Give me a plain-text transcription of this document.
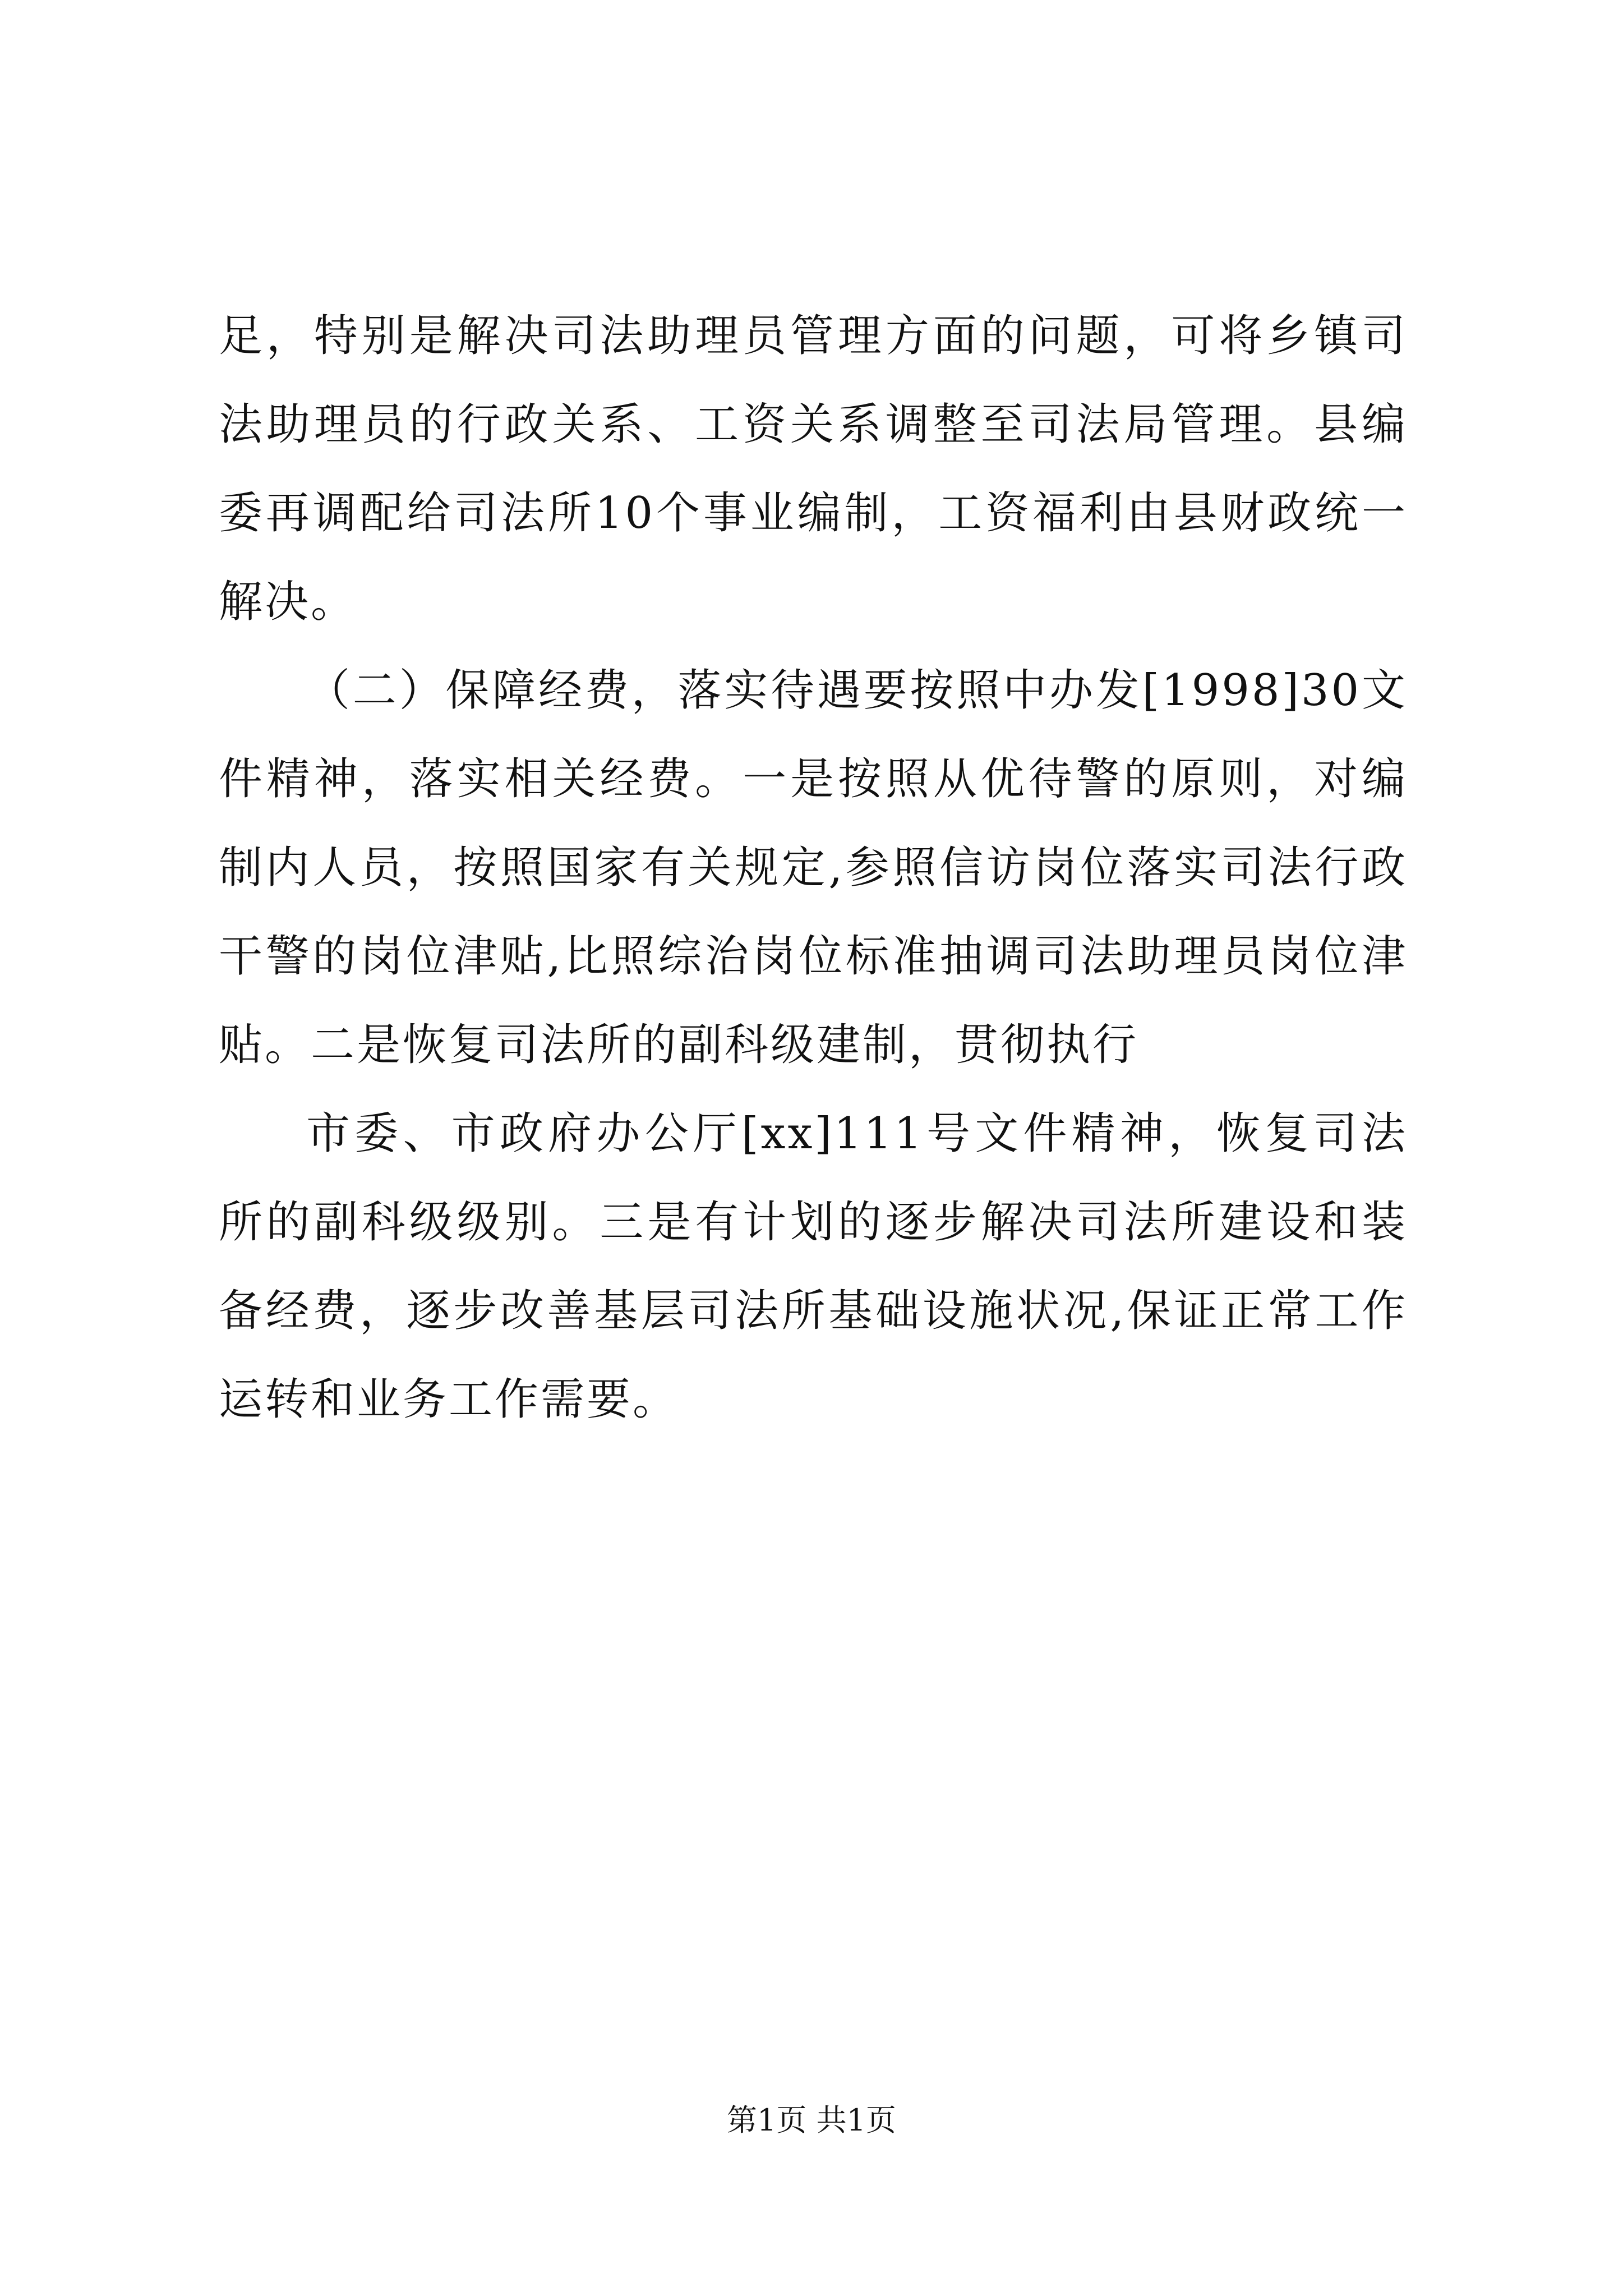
足，特别是解决司法助理员管理方面的问题，可将乡镇司法助理员的行政关系、工资关系调整至司法局管理。县编委再调配给司法所10个事业编制，工资福利由县财政统一解决。

（二）保障经费，落实待遇要按照中办发[1998]30文件精神，落实相关经费。一是按照从优待警的原则，对编制内人员，按照国家有关规定,参照信访岗位落实司法行政干警的岗位津贴,比照综治岗位标准抽调司法助理员岗位津贴。二是恢复司法所的副科级建制，贯彻执行

市委、市政府办公厅[xx]111号文件精神，恢复司法所的副科级级别。三是有计划的逐步解决司法所建设和装备经费，逐步改善基层司法所基础设施状况,保证正常工作运转和业务工作需要。

第1页 共1页
